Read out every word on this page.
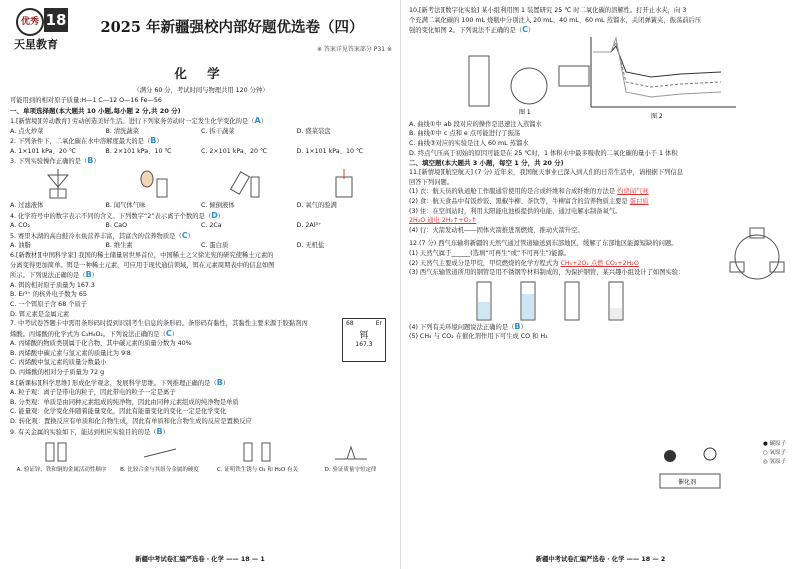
优秀 18
天星教育
2025 年新疆强校内部好题优选卷（四）
※ 答案详见答案部分 P31 ※
化 学
（满分 60 分，考试时间与物理共用 120 分钟）
可能用到的相对原子质量:H—1 C—12 O—16 Fe—56
一、单项选择题(本大题共 10 小题,每小题 2 分,共 20 分)
1.[新情境][劳动教育] 劳动创造美好生活。进行下列家务劳动时一定发生化学变化的是（A）
A. 点火炒菜	B. 清洗蔬菜	C. 拆干蔬菜	D. 盛菜装盘
2. 下列条件下，二氧化碳在水中溶解度最大的是（B）
A. 1×101 kPa、20 ℃	B. 2×101 kPa、10 ℃	C. 2×101 kPa、20 ℃	D. 1×101 kPa、10 ℃
3. 下列实验操作正确的是（B）
A. 过滤液体	B. 闻气体气味	C. 倾倒液体	D. 氧气的验满
4. 化学符号中的数字表示不同的含义。下列数字“2”表示离子个数的是（D）
A. CO₂	B. CaO	C. 2Ca	D. 2Al³⁺
5. 赛里木湖的高白鲑冷水鱼营养丰富，其富含的营养物质是（C）
A. 油脂	B. 维生素	C. 蛋白质	D. 无机盐
6.[新教材][中国科学家] 我国的稀土储量居世界首位，中国稀土之父徐光宪的研究使稀土元素的
分离变得更加简单。铒是一种稀土元素，可应用于现代通信领域，铒在元素周期表中的信息如图
所示。下列说法正确的是（B）
A. 铒的相对原子质量为 167.3
B. Er³⁺ 的核外电子数为 65
C. 一个铒原子含 68 个质子
D. 铒元素是金属元素
68	Er
铒
167.3
7. 中考试卷答题卡中需用条形码时提到识别考生信息的条形码。条形码有黏性，其黏性主要来源于胶黏剂丙
烯酸。丙烯酸的化学式为 C₃H₄O₂。下列说法正确的是（C）
A. 丙烯酸的物质类别属于化合物，其中碳元素的质量分数为 40%
B. 丙烯酸中碳元素与氢元素的质量比为 9∶8
C. 丙烯酸中氢元素的质量分数最小
D. 丙烯酸的相对分子质量为 72 g
8.[新课标][科学思维] 形成化学观念，发展科学思维。下列推理正确的是（B）
A. 粒子观：离子是带电的粒子，因此带电的粒子一定是离子
B. 分类观：单质是由同种元素组成的纯净物，因此由同种元素组成的纯净物是单质
C. 能量观：化学变化伴随着能量变化，因此有能量变化的变化一定是化学变化
D. 转化观：置换反应有单质和化合物生成，因此有单质和化合物生成的反应是置换反应
9. 有关金属的实验如下，能达到相应实验目的的是（B）
A. 验证锌、铁和铜的金属活动性顺序	B. 比较合金与其组分金属的硬度	C. 证明铁生锈与 O₂ 和 H₂O 有关	D. 验证质量守恒定律
新疆中考试卷汇编严选卷 · 化学 —— 18 — 1
10.[新考法][数字化实验] 某小组利用图 1 装置研究 25 ℃ 时二氧化碳的溶解性。打开止水夹，向 3
个充满二氧化碳的 100 mL 烧瓶中分别注入 20 mL、40 mL、60 mL 蒸馏水，关闭弹簧夹，振荡前后压
强的变化如图 2。下列说法不正确的是（C）
图 1
图 2
A. 曲线①中 ab 段对应的操作是迅速注入蒸馏水
B. 曲线①中 c 点和 e 点可能进行了振荡
C. 曲线③对应的实验是注入 60 mL 蒸馏水
D. 终点气压高于初始的原因可能是在 25 ℃时，1 体积水中最多吸收的二氧化碳的量小于 1 体积
二、填空题(本大题共 3 小题，每空 1 分，共 20 分)
11.[新情境][航空航天] (7 分) 近年来，我国航天事业已深入到人们的日常生活中，请根据下列信息
回答下列问题。
(1) 衣：航天员的轨道舱工作服通常使用的是合成纤维和合成纤维的方法是 灼烧闻气味
(2) 食：航天食品中有饭炒饭、黑椒牛柳、茶饮等，牛柳富含的营养物质主要是 蛋白质
(3) 住：在空间站时，利用太阳能电池板提供的电能，通过电解水制备氧气。
2H₂O 通电 2H₂↑+O₂↑
(4) 行：火箭发动机——固体火箭推进剂燃烧，推动火箭升空。
12.(7 分) 西气东输将新疆的天然气通过管道输送到东部地区，缓解了东部地区能源短缺的问题。
(1) 天然气属于______(选填“可再生”或“不可再生”)能源。
(2) 天然气主要成分是甲烷，甲烷燃烧的化学方程式为 CH₄+2O₂ 点燃 CO₂+2H₂O
(3) 西气东输管道所用的钢管是用不锈钢等材料制成的，为保护钢管，某兴趣小组设计了如图实验：
(4) 下列有关环境问题说法正确的是（B）
(5) CH₄ 与 CO₂ 在催化剂作用下可生成 CO 和 H₂
● 碳原子
○ 氧原子
◎ 氢原子
催化剂
新疆中考试卷汇编严选卷 · 化学 —— 18 — 2
